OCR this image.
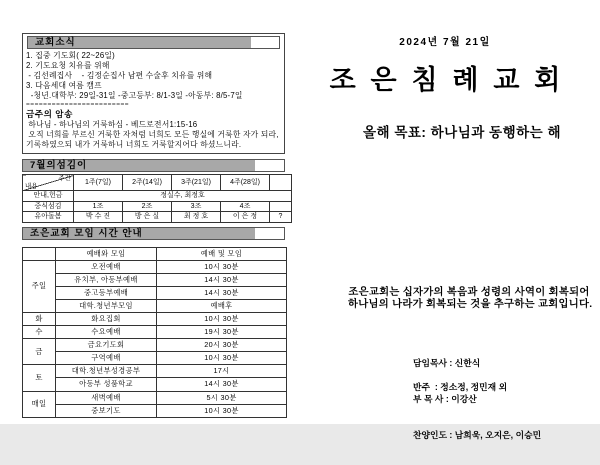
교회소식
1. 집중 기도회( 22~26일)
2. 기도요청 치유를 위해
- 김선례집사    - 김정순집사 남편 수술후 치유를 위해
3. 다음세대 여름 캠프
-청년.대학부: 29일-31일 -중고등부: 8/1-3일 -아동부: 8/5-7일
========================
금주의 암송
하나님 - 하나님의 거룩하심 - 베드로전서1:15-16
오직 너희를 부르신 거룩한 자처럼 너희도 모든 행실에 거룩한 자가 되라,
기록하였으되 내가 거룩하니 너희도 거룩할지어다 하셨느니라.
7월의섬김이
주간
내용	1주(7일)	2주(14일)	3주(21일)	4주(28일)	
안내,헌금	정실수, 최정호				
중식섬김	1조	2조	3조	4조	
유아돌봄	박 수 진	방 은 실	최 정 호	이 은 정	?
조은교회 모임 시간 안내
	예배와 모임	예배 및 모임
주일	오전예배	10시 30분
	유치부, 아동부예배	14시 30분
	중고등부예배	14시 30분
	대학.청년부모임	예배후
화	화요집회	10시 30분
수	수요예배	19시 30분
금	금요기도회	20시 30분
	구역예배	10시 30분
토	대학.청년부성경공부	17시
	아동부 성품학교	14시 30분
매일	새벽예배	5시 30분
	중보기도	10시 30분
2024년 7월 21일
조은침례교회
올해 목표: 하나님과 동행하는 해
조은교회는 십자가의 복음과 성령의 사역이 회복되어
하나님의 나라가 회복되는 것을 추구하는 교회입니다.

담임목사 : 신한식

부 목 사 : 이강산

찬양인도 : 남희욱, 오지은, 이승민

반주  : 정소정, 정민재 외
